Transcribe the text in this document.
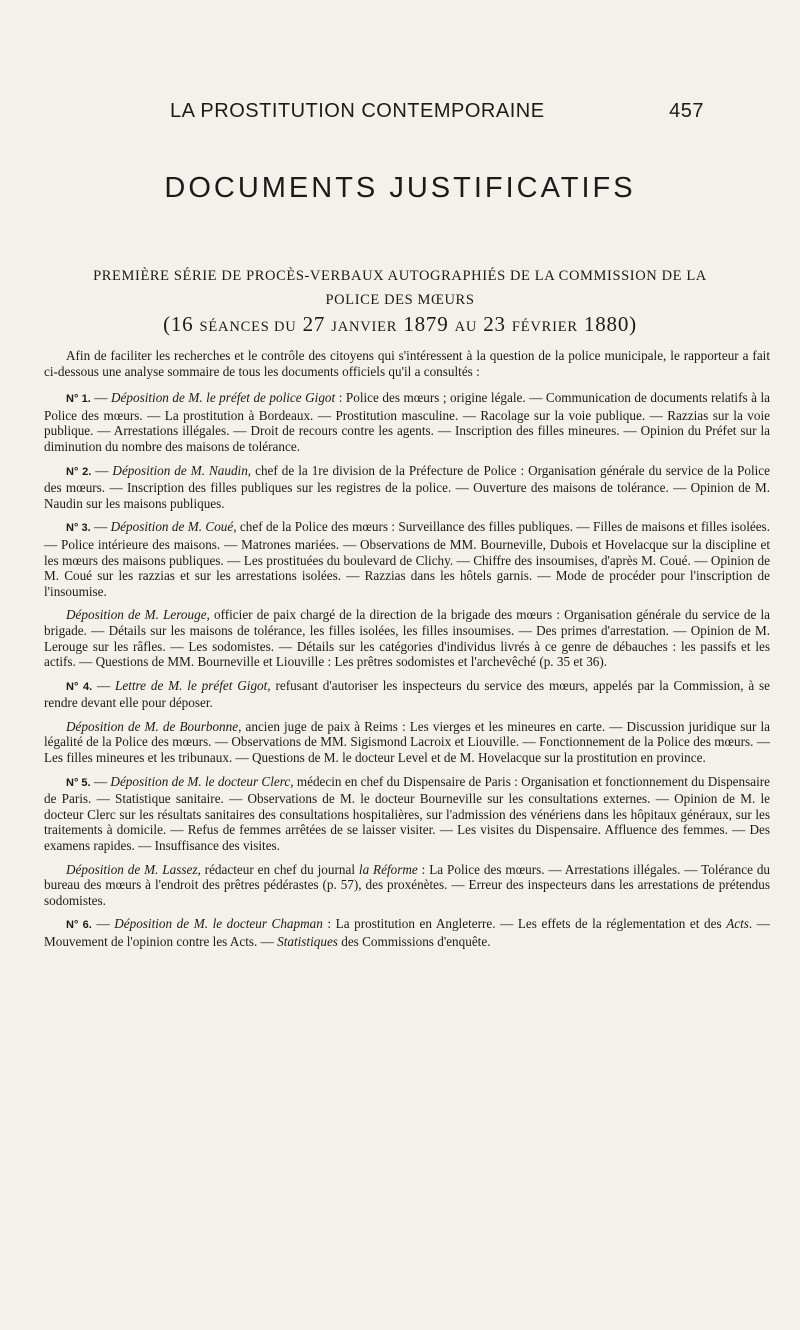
LA PROSTITUTION CONTEMPORAINE	457
DOCUMENTS JUSTIFICATIFS
PREMIÈRE SÉRIE DE PROCÈS-VERBAUX AUTOGRAPHIÉS DE LA COMMISSION DE LA
POLICE DES MŒURS
(16 SÉANCES DU 27 JANVIER 1879 AU 23 FÉVRIER 1880)

Afin de faciliter les recherches et le contrôle des citoyens qui s'intéressent à la question de la police municipale, le rapporteur a fait ci-dessous une analyse sommaire de tous les documents officiels qu'il a consultés :

N° 1. — Déposition de M. le préfet de police Gigot : Police des mœurs ; origine légale. — Communication de documents relatifs à la Police des mœurs. — La prostitution à Bordeaux. — Prostitution masculine. — Racolage sur la voie publique. — Razzias sur la voie publique. — Arrestations illégales. — Droit de recours contre les agents. — Inscription des filles mineures. — Opinion du Préfet sur la diminution du nombre des maisons de tolérance.

N° 2. — Déposition de M. Naudin, chef de la 1re division de la Préfecture de Police : Organisation générale du service de la Police des mœurs. — Inscription des filles publiques sur les registres de la police. — Ouverture des maisons de tolérance. — Opinion de M. Naudin sur les maisons publiques.

N° 3. — Déposition de M. Coué, chef de la Police des mœurs : Surveillance des filles publiques. — Filles de maisons et filles isolées. — Police intérieure des maisons. — Matrones mariées. — Observations de MM. Bourneville, Dubois et Hovelacque sur la discipline et les mœurs des maisons publiques. — Les prostituées du boulevard de Clichy. — Chiffre des insoumises, d'après M. Coué. — Opinion de M. Coué sur les razzias et sur les arrestations isolées. — Razzias dans les hôtels garnis. — Mode de procéder pour l'inscription de l'insoumise.

Déposition de M. Lerouge, officier de paix chargé de la direction de la brigade des mœurs : Organisation générale du service de la brigade. — Détails sur les maisons de tolérance, les filles isolées, les filles insoumises. — Des primes d'arrestation. — Opinion de M. Lerouge sur les râfles. — Les sodomistes. — Détails sur les catégories d'individus livrés à ce genre de débauches : les passifs et les actifs. — Questions de MM. Bourneville et Liouville : Les prêtres sodomistes et l'archevêché (p. 35 et 36).

N° 4. — Lettre de M. le préfet Gigot, refusant d'autoriser les inspecteurs du service des mœurs, appelés par la Commission, à se rendre devant elle pour déposer.

Déposition de M. de Bourbonne, ancien juge de paix à Reims : Les vierges et les mineures en carte. — Discussion juridique sur la légalité de la Police des mœurs. — Observations de MM. Sigismond Lacroix et Liouville. — Fonctionnement de la Police des mœurs. — Les filles mineures et les tribunaux. — Questions de M. le docteur Level et de M. Hovelacque sur la prostitution en province.

N° 5. — Déposition de M. le docteur Clerc, médecin en chef du Dispensaire de Paris : Organisation et fonctionnement du Dispensaire de Paris. — Statistique sanitaire. — Observations de M. le docteur Bourneville sur les consultations externes. — Opinion de M. le docteur Clerc sur les résultats sanitaires des consultations hospitalières, sur l'admission des vénériens dans les hôpitaux généraux, sur les traitements à domicile. — Refus de femmes arrêtées de se laisser visiter. — Les visites du Dispensaire. Affluence des femmes. — Des examens rapides. — Insuffisance des visites.

Déposition de M. Lassez, rédacteur en chef du journal la Réforme : La Police des mœurs. — Arrestations illégales. — Tolérance du bureau des mœurs à l'endroit des prêtres pédérastes (p. 57), des proxénètes. — Erreur des inspecteurs dans les arrestations de prétendus sodomistes.

N° 6. — Déposition de M. le docteur Chapman : La prostitution en Angleterre. — Les effets de la réglementation et des Acts. — Mouvement de l'opinion contre les Acts. — Statistiques des Commissions d'enquête.
